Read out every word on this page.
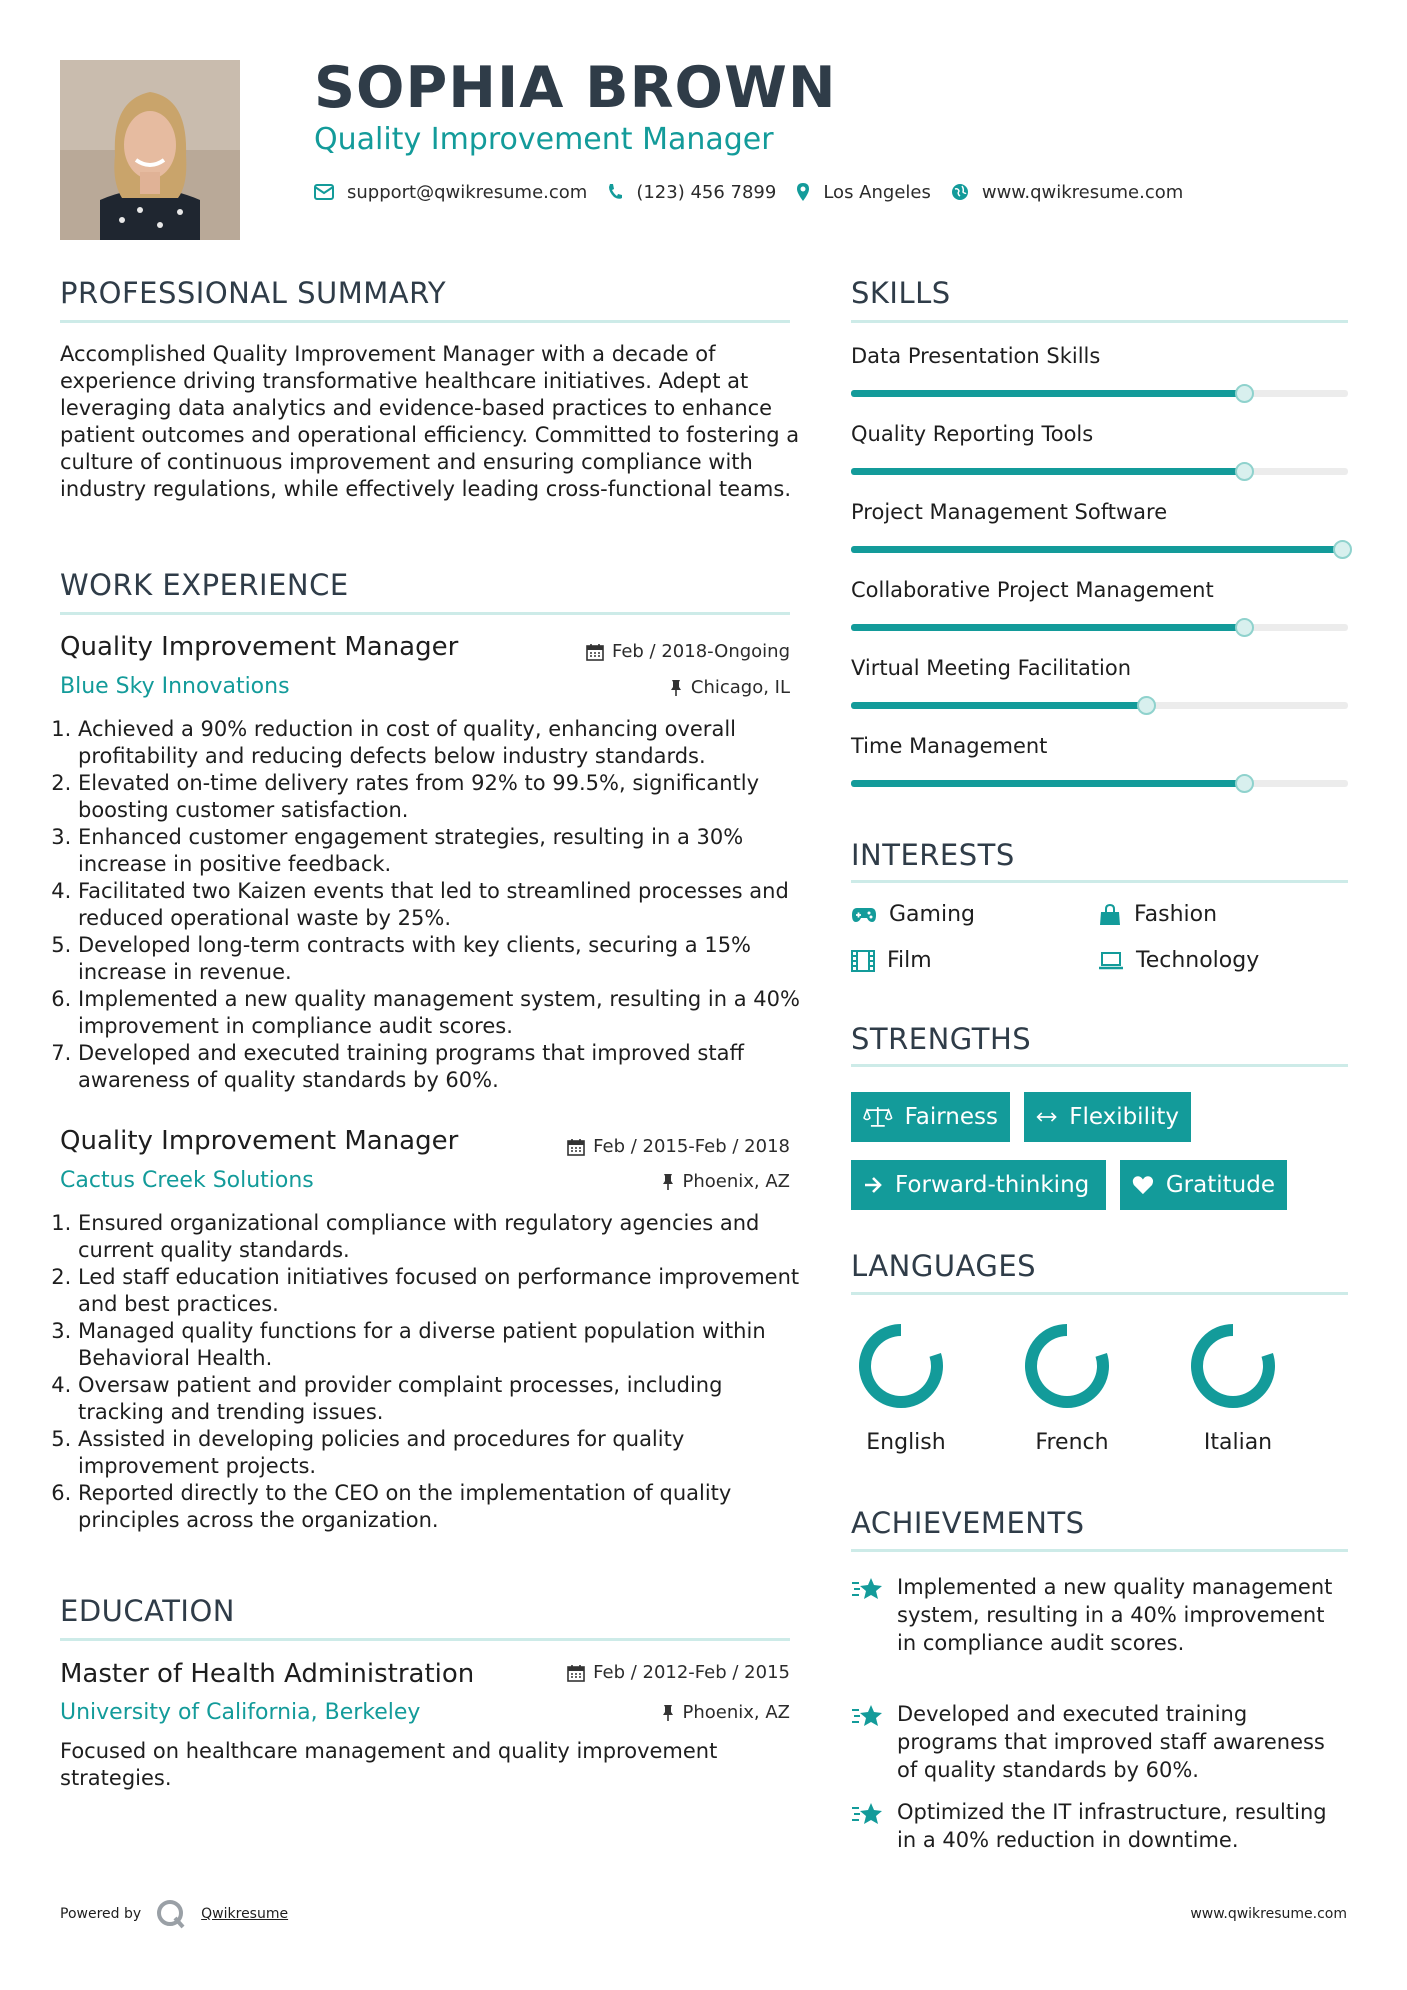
SOPHIA BROWN
Quality Improvement Manager
support@qwikresume.com	(123) 456 7899	Los Angeles	www.qwikresume.com
PROFESSIONAL SUMMARY
Accomplished Quality Improvement Manager with a decade of experience driving transformative healthcare initiatives. Adept at leveraging data analytics and evidence-based practices to enhance patient outcomes and operational efficiency. Committed to fostering a culture of continuous improvement and ensuring compliance with industry regulations, while effectively leading cross-functional teams.
WORK EXPERIENCE
Quality Improvement Manager	Feb / 2018-Ongoing
Blue Sky Innovations	Chicago, IL
1. Achieved a 90% reduction in cost of quality, enhancing overall profitability and reducing defects below industry standards.
2. Elevated on-time delivery rates from 92% to 99.5%, significantly boosting customer satisfaction.
3. Enhanced customer engagement strategies, resulting in a 30% increase in positive feedback.
4. Facilitated two Kaizen events that led to streamlined processes and reduced operational waste by 25%.
5. Developed long-term contracts with key clients, securing a 15% increase in revenue.
6. Implemented a new quality management system, resulting in a 40% improvement in compliance audit scores.
7. Developed and executed training programs that improved staff awareness of quality standards by 60%.
Quality Improvement Manager	Feb / 2015-Feb / 2018
Cactus Creek Solutions	Phoenix, AZ
1. Ensured organizational compliance with regulatory agencies and current quality standards.
2. Led staff education initiatives focused on performance improvement and best practices.
3. Managed quality functions for a diverse patient population within Behavioral Health.
4. Oversaw patient and provider complaint processes, including tracking and trending issues.
5. Assisted in developing policies and procedures for quality improvement projects.
6. Reported directly to the CEO on the implementation of quality principles across the organization.
EDUCATION
Master of Health Administration	Feb / 2012-Feb / 2015
University of California, Berkeley	Phoenix, AZ
Focused on healthcare management and quality improvement strategies.
SKILLS
Data Presentation Skills
Quality Reporting Tools
Project Management Software
Collaborative Project Management
Virtual Meeting Facilitation
Time Management
INTERESTS
Gaming	Fashion
Film	Technology
STRENGTHS
Fairness	Flexibility
Forward-thinking	Gratitude
LANGUAGES
English	French	Italian
ACHIEVEMENTS
Implemented a new quality management system, resulting in a 40% improvement in compliance audit scores.
Developed and executed training programs that improved staff awareness of quality standards by 60%.
Optimized the IT infrastructure, resulting in a 40% reduction in downtime.
Powered by	Qwikresume	www.qwikresume.com
